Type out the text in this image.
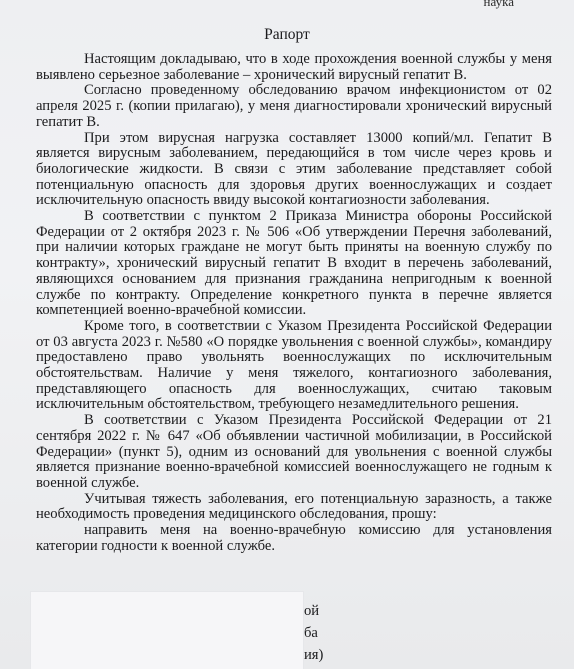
наука
Рапорт

Настоящим докладываю, что в ходе прохождения военной службы у меня выявлено серьезное заболевание – хронический вирусный гепатит В.

Согласно проведенному обследованию врачом инфекционистом от 02 апреля 2025 г. (копии прилагаю), у меня диагностировали хронический вирусный гепатит В.

При этом вирусная нагрузка составляет 13000 копий/мл. Гепатит В является вирусным заболеванием, передающийся в том числе через кровь и биологические жидкости. В связи с этим заболевание представляет собой потенциальную опасность для здоровья других военнослужащих и создает исключительную опасность ввиду высокой контагиозности заболевания.

В соответствии с пунктом 2 Приказа Министра обороны Российской Федерации от 2 октября 2023 г. № 506 «Об утверждении Перечня заболеваний, при наличии которых граждане не могут быть приняты на военную службу по контракту», хронический вирусный гепатит В входит в перечень заболеваний, являющихся основанием для признания гражданина непригодным к военной службе по контракту. Определение конкретного пункта в перечне является компетенцией военно-врачебной комиссии.

Кроме того, в соответствии с Указом Президента Российской Федерации от 03 августа 2023 г. №580 «О порядке увольнения с военной службы», командиру предоставлено право увольнять военнослужащих по исключительным обстоятельствам. Наличие у меня тяжелого, контагиозного заболевания, представляющего опасность для военнослужащих, считаю таковым исключительным обстоятельством, требующего незамедлительного решения.

В соответствии с Указом Президента Российской Федерации от 21 сентября 2022 г. № 647 «Об объявлении частичной мобилизации, в Российской Федерации» (пункт 5), одним из оснований для увольнения с военной службы является признание военно-врачебной комиссией военнослужащего не годным к военной службе.

Учитывая тяжесть заболевания, его потенциальную заразность, а также необходимость проведения медицинского обследования, прошу:

направить меня на военно-врачебную комиссию для установления категории годности к военной службе.

ой
ба
ия)
